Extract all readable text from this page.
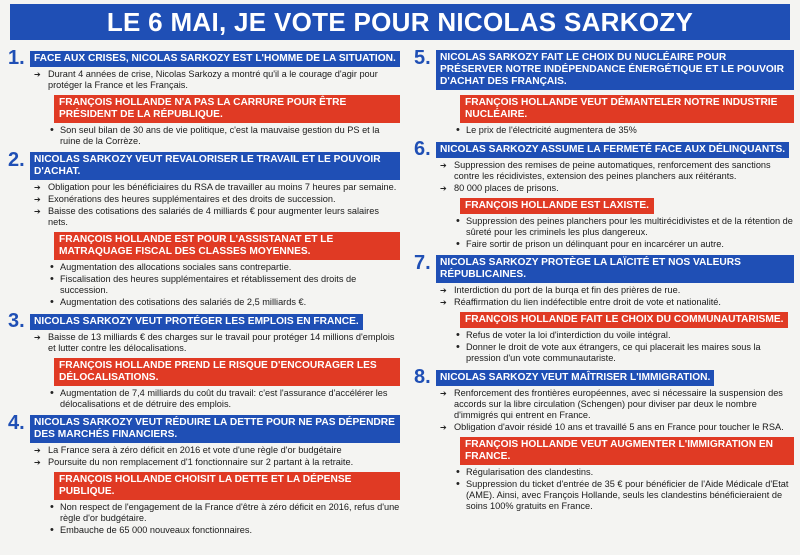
LE 6 MAI, JE VOTE POUR NICOLAS SARKOZY
1. FACE AUX CRISES, NICOLAS SARKOZY EST L'HOMME DE LA SITUATION.
➔ Durant 4 années de crise, Nicolas Sarkozy a montré qu'il a le courage d'agir pour protéger la France et les Français.
FRANÇOIS HOLLANDE N'A PAS LA CARRURE POUR ÊTRE PRÉSIDENT DE LA RÉPUBLIQUE.
• Son seul bilan de 30 ans de vie politique, c'est la mauvaise gestion du PS et la ruine de la Corrèze.
2. NICOLAS SARKOZY VEUT REVALORISER LE TRAVAIL ET LE POUVOIR D'ACHAT.
➔ Obligation pour les bénéficiaires du RSA de travailler au moins 7 heures par semaine.
➔ Exonérations des heures supplémentaires et des droits de succession.
➔ Baisse des cotisations des salariés de 4 milliards € pour augmenter leurs salaires nets.
FRANÇOIS HOLLANDE EST POUR L'ASSISTANAT ET LE MATRAQUAGE FISCAL DES CLASSES MOYENNES.
• Augmentation des allocations sociales sans contrepartie.
• Fiscalisation des heures supplémentaires et rétablissement des droits de succession.
• Augmentation des cotisations des salariés de 2,5 milliards €.
3. NICOLAS SARKOZY VEUT PROTÉGER LES EMPLOIS EN FRANCE.
➔ Baisse de 13 milliards € des charges sur le travail pour protéger 14 millions d'emplois et lutter contre les délocalisations.
FRANÇOIS HOLLANDE PREND LE RISQUE D'ENCOURAGER LES DÉLOCALISATIONS.
• Augmentation de 7,4 milliards du coût du travail: c'est l'assurance d'accélérer les délocalisations et de détruire des emplois.
4. NICOLAS SARKOZY VEUT RÉDUIRE LA DETTE POUR NE PAS DÉPENDRE DES MARCHÉS FINANCIERS.
➔ La France sera à zéro déficit en 2016 et vote d'une règle d'or budgétaire
➔ Poursuite du non remplacement d'1 fonctionnaire sur 2 partant à la retraite.
FRANÇOIS HOLLANDE CHOISIT LA DETTE ET LA DÉPENSE PUBLIQUE.
• Non respect de l'engagement de la France d'être à zéro déficit en 2016, refus d'une règle d'or budgétaire.
• Embauche de 65 000 nouveaux fonctionnaires.
5. NICOLAS SARKOZY FAIT LE CHOIX DU NUCLÉAIRE POUR PRÉSERVER NOTRE INDÉPENDANCE ÉNERGÉTIQUE ET LE POUVOIR D'ACHAT DES FRANÇAIS.FRANÇOIS HOLLANDE VEUT DÉMANTELER NOTRE INDUSTRIE NUCLÉAIRE.
• Le prix de l'électricité augmentera de 35%
6. NICOLAS SARKOZY ASSUME LA FERMETÉ FACE AUX DÉLINQUANTS.
➔ Suppression des remises de peine automatiques, renforcement des sanctions contre les récidivistes, extension des peines planchers aux réitérants.
➔ 80 000 places de prisons.
FRANÇOIS HOLLANDE EST LAXISTE.
• Suppression des peines planchers pour les multirécidivistes et de la rétention de sûreté pour les criminels les plus dangereux.
• Faire sortir de prison un délinquant pour en incarcérer un autre.
7. NICOLAS SARKOZY PROTÈGE LA LAÏCITÉ ET NOS VALEURS RÉPUBLICAINES.
➔ Interdiction du port de la burqa et fin des prières de rue.
➔ Réaffirmation du lien indéfectible entre droit de vote et nationalité.
FRANÇOIS HOLLANDE FAIT LE CHOIX DU COMMUNAUTARISME.
• Refus de voter la loi d'interdiction du voile intégral.
• Donner le droit de vote aux étrangers, ce qui placerait les maires sous la pression d'un vote communautariste.
8. NICOLAS SARKOZY VEUT MAÎTRISER L'IMMIGRATION.
➔ Renforcement des frontières européennes, avec si nécessaire la suspension des accords sur la libre circulation (Schengen) pour diviser par deux le nombre d'immigrés qui entrent en France.
➔ Obligation d'avoir résidé 10 ans et travaillé 5 ans en France pour toucher le RSA.
FRANÇOIS HOLLANDE VEUT AUGMENTER L'IMMIGRATION EN FRANCE.
• Régularisation des clandestins.
• Suppression du ticket d'entrée de 35 € pour bénéficier de l'Aide Médicale d'Etat (AME). Ainsi, avec François Hollande, seuls les clandestins bénéficieraient de soins 100% gratuits en France.
